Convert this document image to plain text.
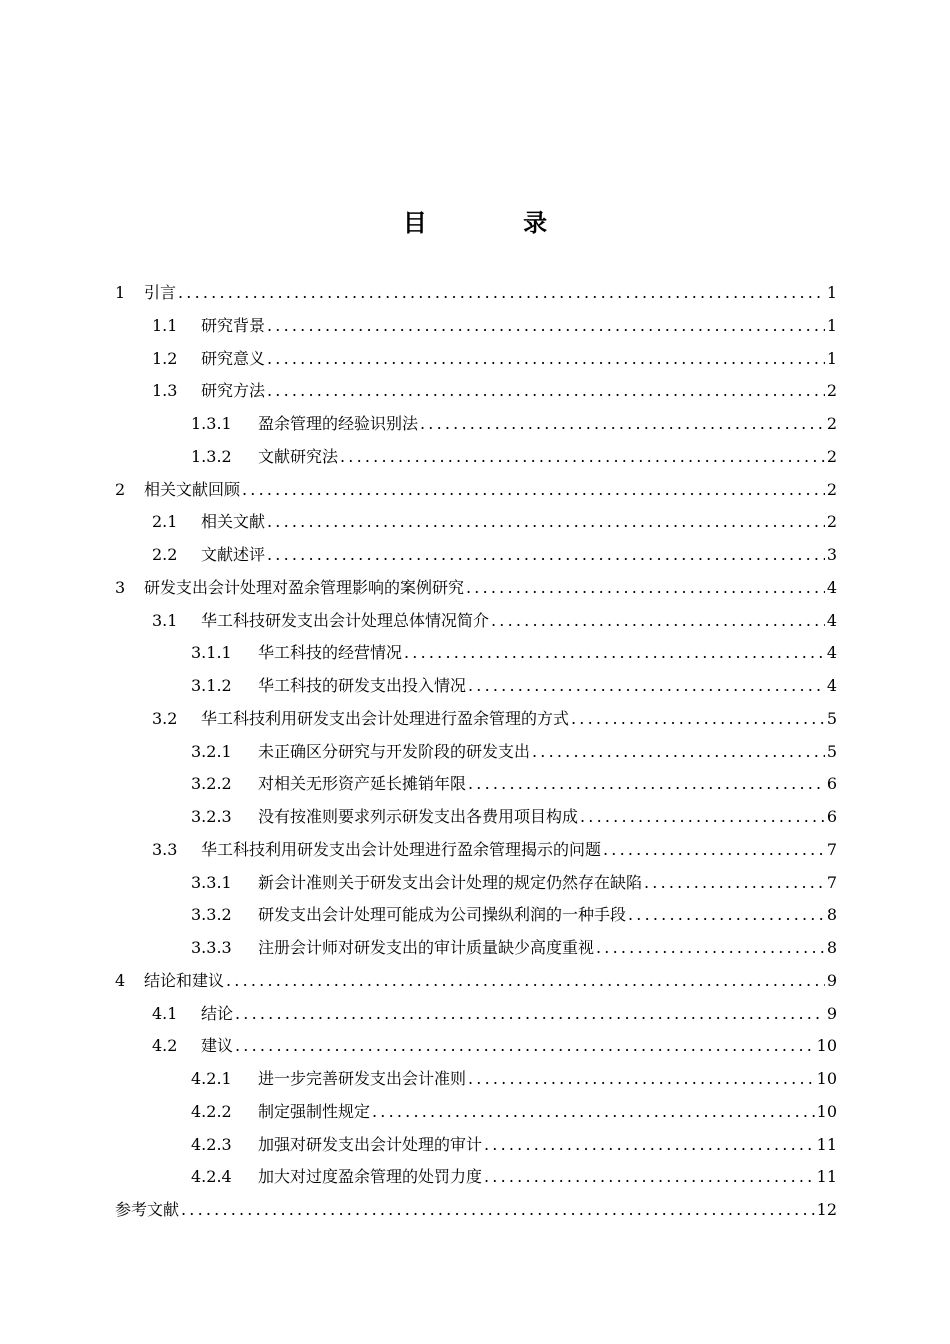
目 录
1	引言 .....	1
1.1	研究背景 .....	1
1.2	研究意义 .....	1
1.3	研究方法 .....	2
1.3.1	盈余管理的经验识别法 .....	2
1.3.2	文献研究法 .....	2
2	相关文献回顾 .....	2
2.1	相关文献 .....	2
2.2	文献述评 .....	3
3	研发支出会计处理对盈余管理影响的案例研究 .....	4
3.1	华工科技研发支出会计处理总体情况简介 .....	4
3.1.1	华工科技的经营情况 .....	4
3.1.2	华工科技的研发支出投入情况 .....	4
3.2	华工科技利用研发支出会计处理进行盈余管理的方式 .....	5
3.2.1	未正确区分研究与开发阶段的研发支出 .....	5
3.2.2	对相关无形资产延长摊销年限 .....	6
3.2.3	没有按准则要求列示研发支出各费用项目构成 .....	6
3.3	华工科技利用研发支出会计处理进行盈余管理揭示的问题 .....	7
3.3.1	新会计准则关于研发支出会计处理的规定仍然存在缺陷 .....	7
3.3.2	研发支出会计处理可能成为公司操纵利润的一种手段 .....	8
3.3.3	注册会计师对研发支出的审计质量缺少高度重视 .....	8
4	结论和建议 .....	9
4.1	结论 .....	9
4.2	建议 .....	10
4.2.1	进一步完善研发支出会计准则 .....	10
4.2.2	制定强制性规定 .....	10
4.2.3	加强对研发支出会计处理的审计 .....	11
4.2.4	加大对过度盈余管理的处罚力度 .....	11
参考文献 .....	12
